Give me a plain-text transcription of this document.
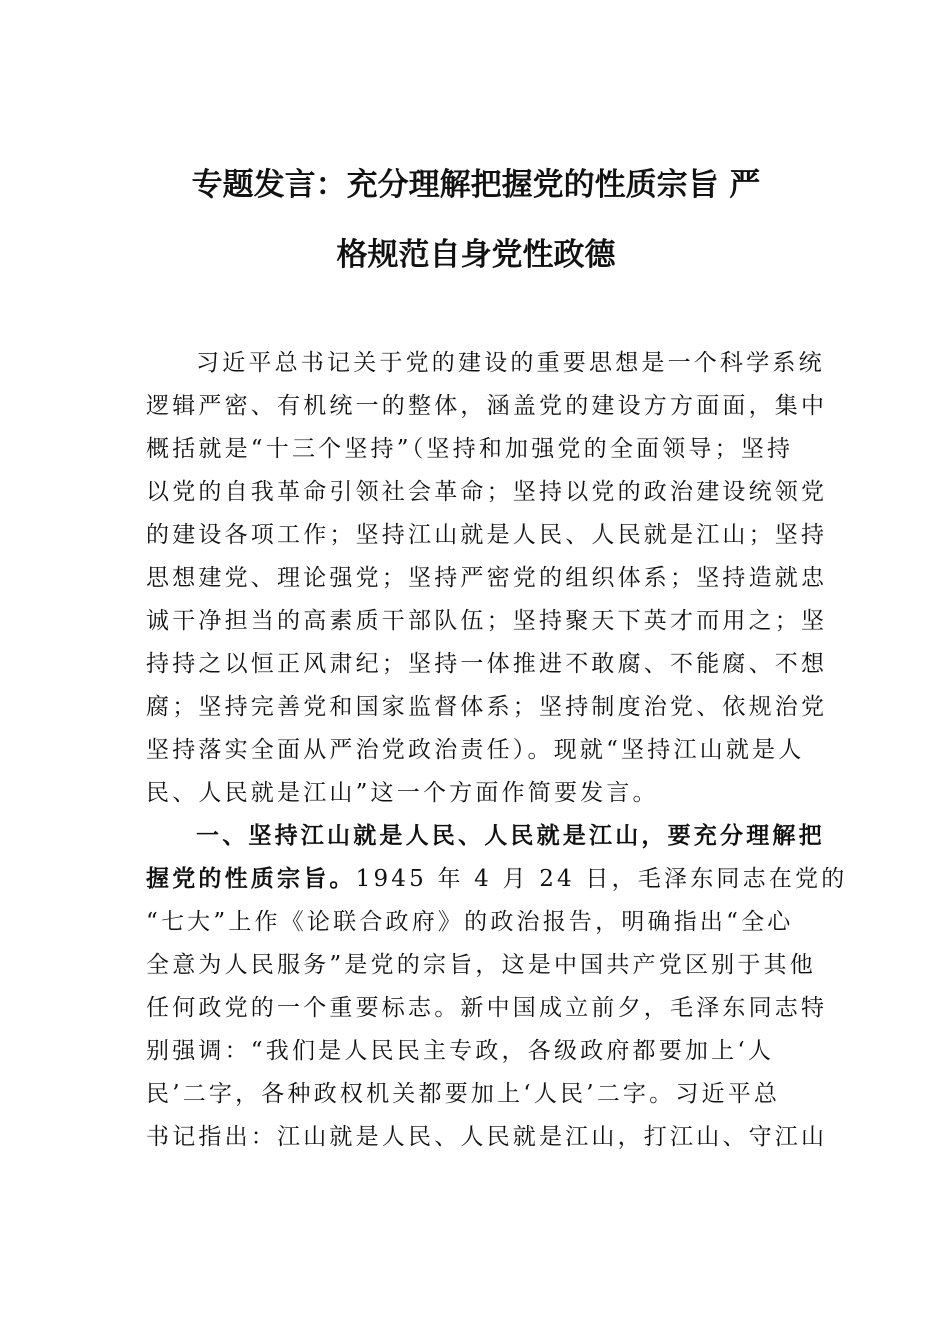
专题发言：充分理解把握党的性质宗旨 严
格规范自身党性政德
习近平总书记关于党的建设的重要思想是一个科学系统
逻辑严密、有机统一的整体，涵盖党的建设方方面面，集中
概括就是“十三个坚持”（坚持和加强党的全面领导；坚持
以党的自我革命引领社会革命；坚持以党的政治建设统领党
的建设各项工作；坚持江山就是人民、人民就是江山；坚持
思想建党、理论强党；坚持严密党的组织体系；坚持造就忠
诚干净担当的高素质干部队伍；坚持聚天下英才而用之；坚
持持之以恒正风肃纪；坚持一体推进不敢腐、不能腐、不想
腐；坚持完善党和国家监督体系；坚持制度治党、依规治党
坚持落实全面从严治党政治责任）。现就“坚持江山就是人
民、人民就是江山”这一个方面作简要发言。
一、坚持江山就是人民、人民就是江山，要充分理解把
握党的性质宗旨。1945 年 4 月 24 日，毛泽东同志在党的
“七大”上作《论联合政府》的政治报告，明确指出“全心
全意为人民服务”是党的宗旨，这是中国共产党区别于其他
任何政党的一个重要标志。新中国成立前夕，毛泽东同志特
别强调：“我们是人民民主专政，各级政府都要加上‘人
民’二字，各种政权机关都要加上‘人民’二字。习近平总
书记指出：江山就是人民、人民就是江山，打江山、守江山
